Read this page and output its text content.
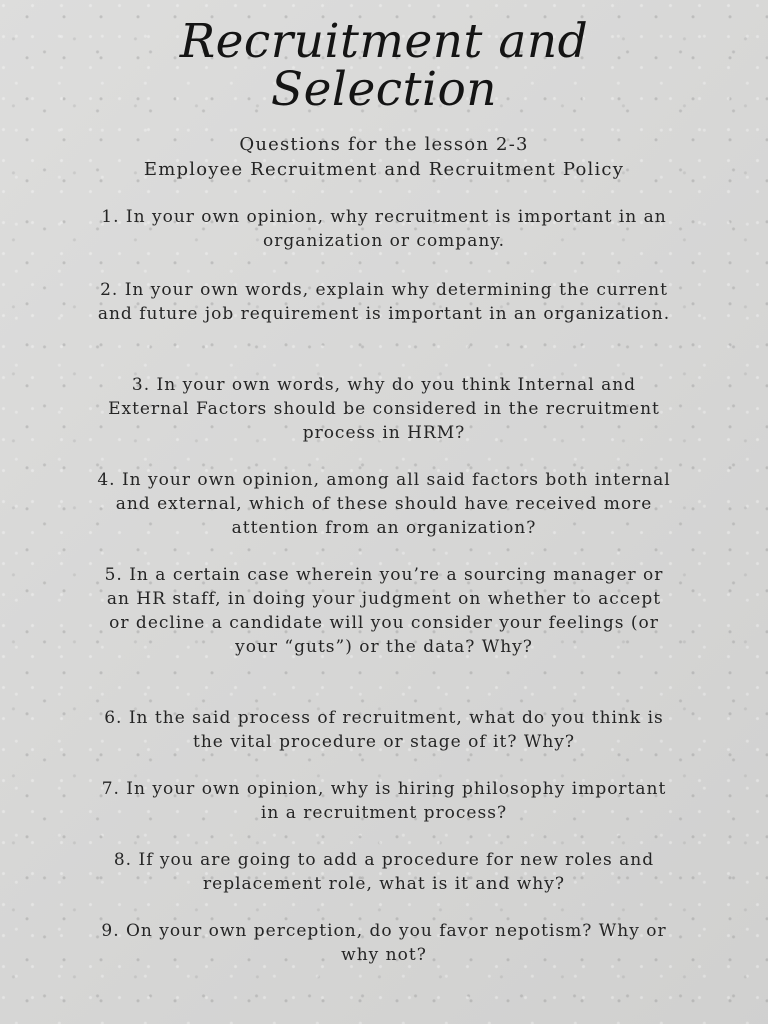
Recruitment and
Selection
Questions for the lesson 2-3
Employee Recruitment and Recruitment Policy
1. In your own opinion, why recruitment is important in an organization or company.
2. In your own words, explain why determining the current and future job requirement is important in an organization.
3. In your own words, why do you think Internal and External Factors should be considered in the recruitment process in HRM?
4. In your own opinion, among all said factors both internal and external, which of these should have received more attention from an organization?
5. In a certain case wherein you’re a sourcing manager or an HR staff, in doing your judgment on whether to accept or decline a candidate will you consider your feelings (or your “guts”) or the data? Why?
6. In the said process of recruitment, what do you think is the vital procedure or stage of it? Why?
7. In your own opinion, why is hiring philosophy important in a recruitment process?
8. If you are going to add a procedure for new roles and replacement role, what is it and why?
9. On your own perception, do you favor nepotism? Why or why not?
